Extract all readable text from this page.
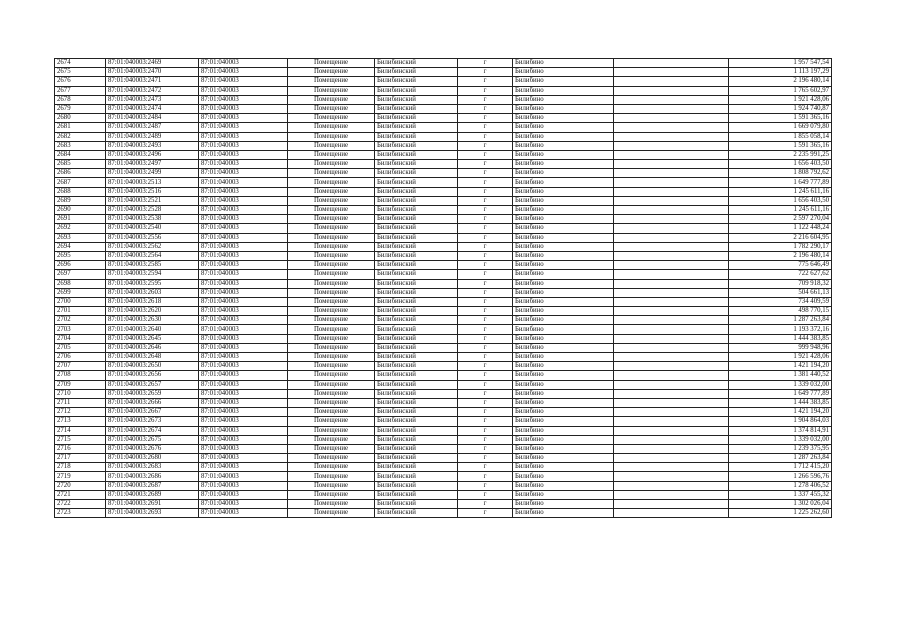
2674	87:01:040003:2469	87:01:040003	Помещение	Билибинский	г	Билибино		1 957 547,54
2675	87:01:040003:2470	87:01:040003	Помещение	Билибинский	г	Билибино		1 113 197,29
2676	87:01:040003:2471	87:01:040003	Помещение	Билибинский	г	Билибино		2 196 480,14
2677	87:01:040003:2472	87:01:040003	Помещение	Билибинский	г	Билибино		1 765 602,97
2678	87:01:040003:2473	87:01:040003	Помещение	Билибинский	г	Билибино		1 921 428,06
2679	87:01:040003:2474	87:01:040003	Помещение	Билибинский	г	Билибино		1 924 740,87
2680	87:01:040003:2484	87:01:040003	Помещение	Билибинский	г	Билибино		1 591 365,16
2681	87:01:040003:2487	87:01:040003	Помещение	Билибинский	г	Билибино		1 669 079,80
2682	87:01:040003:2489	87:01:040003	Помещение	Билибинский	г	Билибино		1 855 058,14
2683	87:01:040003:2493	87:01:040003	Помещение	Билибинский	г	Билибино		1 591 365,16
2684	87:01:040003:2496	87:01:040003	Помещение	Билибинский	г	Билибино		2 235 991,25
2685	87:01:040003:2497	87:01:040003	Помещение	Билибинский	г	Билибино		1 656 403,50
2686	87:01:040003:2499	87:01:040003	Помещение	Билибинский	г	Билибино		1 808 792,62
2687	87:01:040003:2513	87:01:040003	Помещение	Билибинский	г	Билибино		1 649 777,89
2688	87:01:040003:2516	87:01:040003	Помещение	Билибинский	г	Билибино		1 245 611,16
2689	87:01:040003:2521	87:01:040003	Помещение	Билибинский	г	Билибино		1 656 403,50
2690	87:01:040003:2528	87:01:040003	Помещение	Билибинский	г	Билибино		1 245 611,16
2691	87:01:040003:2538	87:01:040003	Помещение	Билибинский	г	Билибино		2 597 270,04
2692	87:01:040003:2540	87:01:040003	Помещение	Билибинский	г	Билибино		1 122 448,24
2693	87:01:040003:2556	87:01:040003	Помещение	Билибинский	г	Билибино		2 216 604,95
2694	87:01:040003:2562	87:01:040003	Помещение	Билибинский	г	Билибино		1 782 290,17
2695	87:01:040003:2564	87:01:040003	Помещение	Билибинский	г	Билибино		2 196 480,14
2696	87:01:040003:2585	87:01:040003	Помещение	Билибинский	г	Билибино		775 646,49
2697	87:01:040003:2594	87:01:040003	Помещение	Билибинский	г	Билибино		722 627,62
2698	87:01:040003:2595	87:01:040003	Помещение	Билибинский	г	Билибино		709 918,32
2699	87:01:040003:2603	87:01:040003	Помещение	Билибинский	г	Билибино		504 661,13
2700	87:01:040003:2618	87:01:040003	Помещение	Билибинский	г	Билибино		734 409,59
2701	87:01:040003:2620	87:01:040003	Помещение	Билибинский	г	Билибино		498 770,15
2702	87:01:040003:2630	87:01:040003	Помещение	Билибинский	г	Билибино		1 287 263,84
2703	87:01:040003:2640	87:01:040003	Помещение	Билибинский	г	Билибино		1 193 372,16
2704	87:01:040003:2645	87:01:040003	Помещение	Билибинский	г	Билибино		1 444 383,85
2705	87:01:040003:2646	87:01:040003	Помещение	Билибинский	г	Билибино		999 948,96
2706	87:01:040003:2648	87:01:040003	Помещение	Билибинский	г	Билибино		1 921 428,06
2707	87:01:040003:2650	87:01:040003	Помещение	Билибинский	г	Билибино		1 421 194,20
2708	87:01:040003:2656	87:01:040003	Помещение	Билибинский	г	Билибино		1 381 440,52
2709	87:01:040003:2657	87:01:040003	Помещение	Билибинский	г	Билибино		1 339 032,00
2710	87:01:040003:2659	87:01:040003	Помещение	Билибинский	г	Билибино		1 649 777,89
2711	87:01:040003:2666	87:01:040003	Помещение	Билибинский	г	Билибино		1 444 383,85
2712	87:01:040003:2667	87:01:040003	Помещение	Билибинский	г	Билибино		1 421 194,20
2713	87:01:040003:2673	87:01:040003	Помещение	Билибинский	г	Билибино		1 904 864,03
2714	87:01:040003:2674	87:01:040003	Помещение	Билибинский	г	Билибино		1 374 814,91
2715	87:01:040003:2675	87:01:040003	Помещение	Билибинский	г	Билибино		1 339 032,00
2716	87:01:040003:2676	87:01:040003	Помещение	Билибинский	г	Билибино		1 239 375,95
2717	87:01:040003:2680	87:01:040003	Помещение	Билибинский	г	Билибино		1 287 263,84
2718	87:01:040003:2683	87:01:040003	Помещение	Билибинский	г	Билибино		1 712 415,20
2719	87:01:040003:2686	87:01:040003	Помещение	Билибинский	г	Билибино		1 266 596,76
2720	87:01:040003:2687	87:01:040003	Помещение	Билибинский	г	Билибино		1 278 406,52
2721	87:01:040003:2689	87:01:040003	Помещение	Билибинский	г	Билибино		1 337 455,32
2722	87:01:040003:2691	87:01:040003	Помещение	Билибинский	г	Билибино		1 302 026,04
2723	87:01:040003:2693	87:01:040003	Помещение	Билибинский	г	Билибино		1 225 262,60
